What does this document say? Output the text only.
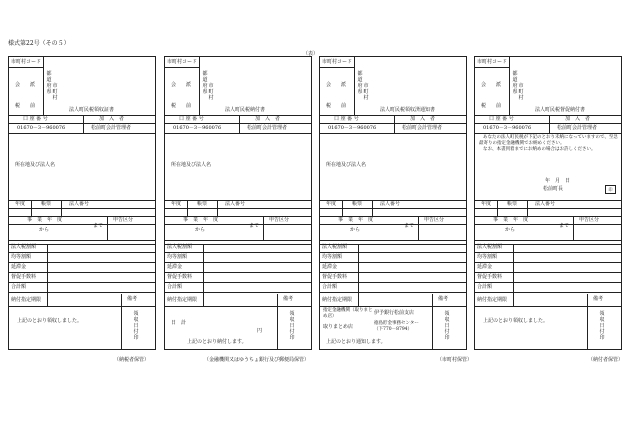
様式第22号（その５）
（表）
市町村コード
会　　派
税　　前
都
道
府
県
市
町
村
法人町民税領収証書
口 座 番 号	加　入　者
01670－3－960076	松前町会計管理者
所在地及び法人名
年度	帳票	法人番号
事　業　年　度	申告区分
から
まで
法人税割額
均等割額
延滞金
督促手数料
合計額
納付指定期限	備考
上記のとおり領収しました。
領
収
日
付
印
（納税者保管）
市町村コード
会　　派
税　　前
都
道
府
県
市
町
村
法人町民税納付書
口 座 番 号	加　入　者
01670－3－960076	松前町会計管理者
所在地及び法人名
年度	帳票	法人番号
事　業　年　度	申告区分
から
まで
法人税割額
均等割額
延滞金
督促手数料
合計額
納付指定期限	備考
日　計
円
上記のとおり納付します。
領
収
日
付
印
（金融機関又はゆうちょ銀行及び郵便局保管）
市町村コード
会　　派
税　　前
都
道
府
県
市
町
村
法人町民税領収済通知書
口 座 番 号	加　入　者
01670－3－960076	松前町会計管理者
所在地及び法人名
年度	帳票	法人番号
事　業　年　度	申告区分
から
まで
法人税割額
均等割額
延滞金
督促手数料
合計額
納付指定期限	備考
指定金融機関（取りまとめ店）
伊予銀行松前支店
取りまとめ店
徳島貯金事務センター（下770－8794）
上記のとおり通知します。
領
収
日
付
印
（市町村保管）
市町村コード
会　　派
税　　前
都
道
府
県
市
町
村
法人町民税督促納付書
口 座 番 号	加　入　者
01670－3－960076	松前町会計管理者
あなたの法人町民税が下記のとおり未納になっていますので、至急最寄りの指定金融機関でお納めください。
なお、本書到着までにお納めの場合はお許しください。
年　月　日
松前町長	印
年度	帳票	法人番号
事　業　年　度	申告区分
から
まで
法人税割額
均等割額
延滞金
督促手数料
合計額
納付指定期限	備考
上記のとおり領収しました。
領
収
日
付
印
（納付者保管）
